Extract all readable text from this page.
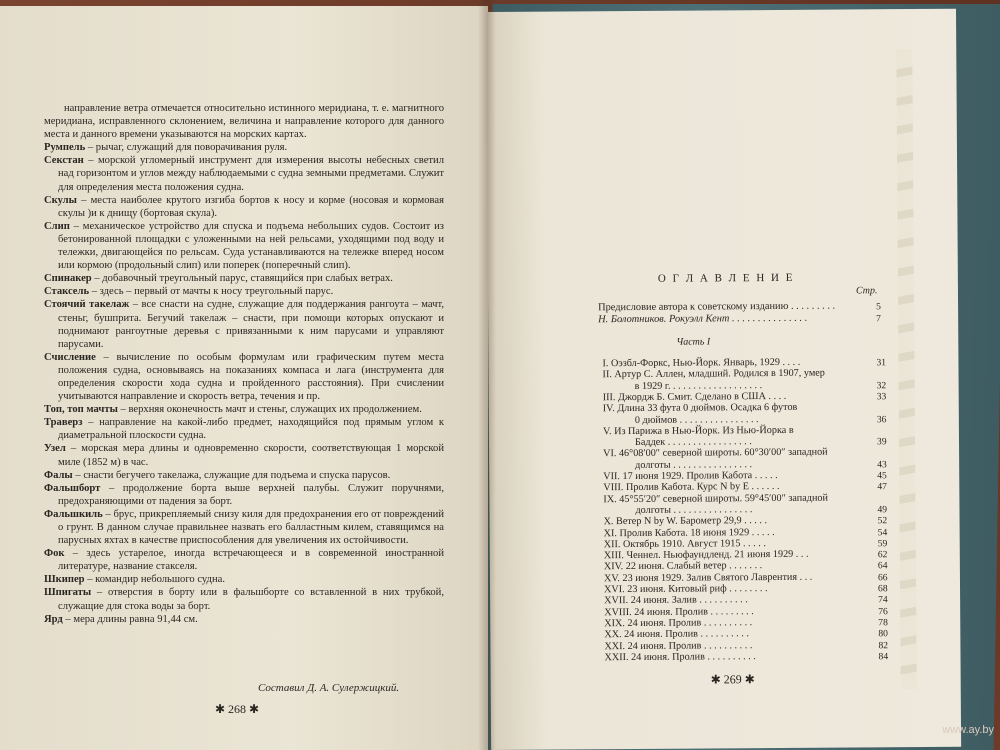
направление ветра отмечается относительно истинного меридиана, т. е. магнитного меридиана, исправленного склонением, величина и направление которого для данного места и данного времени указываются на морских картах.

Румпель – рычаг, служащий для поворачивания руля.

Секстан – морской угломерный инструмент для измерения высоты небесных светил над горизонтом и углов между наблюдаемыми с судна земными предметами. Служит для определения места положения судна.

Скулы – места наиболее крутого изгиба бортов к носу и корме (носовая и кормовая скулы )и к днищу (бортовая скула).

Слип – механическое устройство для спуска и подъема небольших судов. Состоит из бетонированной площадки с уложенными на ней рельсами, уходящими под воду и тележки, двигающейся по рельсам. Суда устанавливаются на тележке вперед носом или кормою (продольный слип) или поперек (поперечный слип).

Спинакер – добавочный треугольный парус, ставящийся при слабых ветрах.

Стаксель – здесь – первый от мачты к носу треугольный парус.

Стоячий такелаж – все снасти на судне, служащие для поддержания рангоута – мачт, стеньг, бушприта. Бегучий такелаж – снасти, при помощи которых опускают и поднимают рангоутные деревья с привязанными к ним парусами и управляют парусами.

Счисление – вычисление по особым формулам или графическим путем места положения судна, основываясь на показаниях компаса и лага (инструмента для определения скорости хода судна и пройденного расстояния). При счислении учитываются направление и скорость ветра, течения и пр.

Топ, топ мачты – верхняя оконечность мачт и стеньг, служащих их продолжением.

Траверз – направление на какой-либо предмет, находящийся под прямым углом к диаметральной плоскости судна.

Узел – морская мера длины и одновременно скорости, соответствующая 1 морской миле (1852 м) в час.

Фалы – снасти бегучего такелажа, служащие для подъема и спуска парусов.

Фальшборт – продолжение борта выше верхней палубы. Служит поручнями, предохраняющими от падения за борт.

Фальшкиль – брус, прикрепляемый снизу киля для предохранения его от повреждений о грунт. В данном случае правильнее назвать его балластным килем, ставящимся на парусных яхтах в качестве приспособления для увеличения их остойчивости.

Фок – здесь устарелое, иногда встречающееся и в современной иностранной литературе, название стакселя.

Шкипер – командир небольшого судна.

Шпигаты – отверстия в борту или в фальшборте со вставленной в них трубкой, служащие для стока воды за борт.

Ярд – мера длины равна 91,44 см.

Составил Д. А. Сулержицкий.
✱ 268 ✱
О Г Л А В Л Е Н И Е
Стр.
Предисловие автора к советскому изданию . . . . . . . . .	5
Н. Болотников. Рокуэлл Кент . . . . . . . . . . . . . . .	7
Часть I
I. Оэзбл-Форкс, Нью-Йорк. Январь, 1929 . . . .	31
II. Артур С. Аллен, младший. Родился в 1907, умер
в 1929 г. . . . . . . . . . . . . . . . . . .	32
III. Джордж Б. Смит. Сделано в США . . . .	33
IV. Длина 33 фута 0 дюймов. Осадка 6 футов
0 дюймов . . . . . . . . . . . . . . . .	36
V. Из Парижа в Нью-Йорк. Из Нью-Йорка в
Баддек . . . . . . . . . . . . . . . . .	39
VI. 46°08′00″ северной широты. 60°30′00″ западной
долготы . . . . . . . . . . . . . . . .	43
VII. 17 июня 1929. Пролив Кабота . . . . .	45
VIII. Пролив Кабота. Курс N by E . . . . . .	47
IX. 45°55′20″ северной широты. 59°45′00″ западной
долготы . . . . . . . . . . . . . . . .	49
X. Ветер N by W. Барометр 29,9 . . . . .	52
XI. Пролив Кабота. 18 июня 1929 . . . . .	54
XII. Октябрь 1910. Август 1915 . . . . .	59
XIII. Ченнел. Ньюфаундленд. 21 июня 1929 . . .	62
XIV. 22 июня. Слабый ветер . . . . . . .	64
XV. 23 июня 1929. Залив Святого Лаврентия . . .	66
XVI. 23 июня. Китовый риф . . . . . . . .	68
XVII. 24 июня. Залив . . . . . . . . . .	74
XVIII. 24 июня. Пролив . . . . . . . . .	76
XIX. 24 июня. Пролив . . . . . . . . . .	78
XX. 24 июня. Пролив . . . . . . . . . .	80
XXI. 24 июня. Пролив . . . . . . . . . .	82
XXII. 24 июня. Пролив . . . . . . . . . .	84
✱ 269 ✱
www.ay.by
